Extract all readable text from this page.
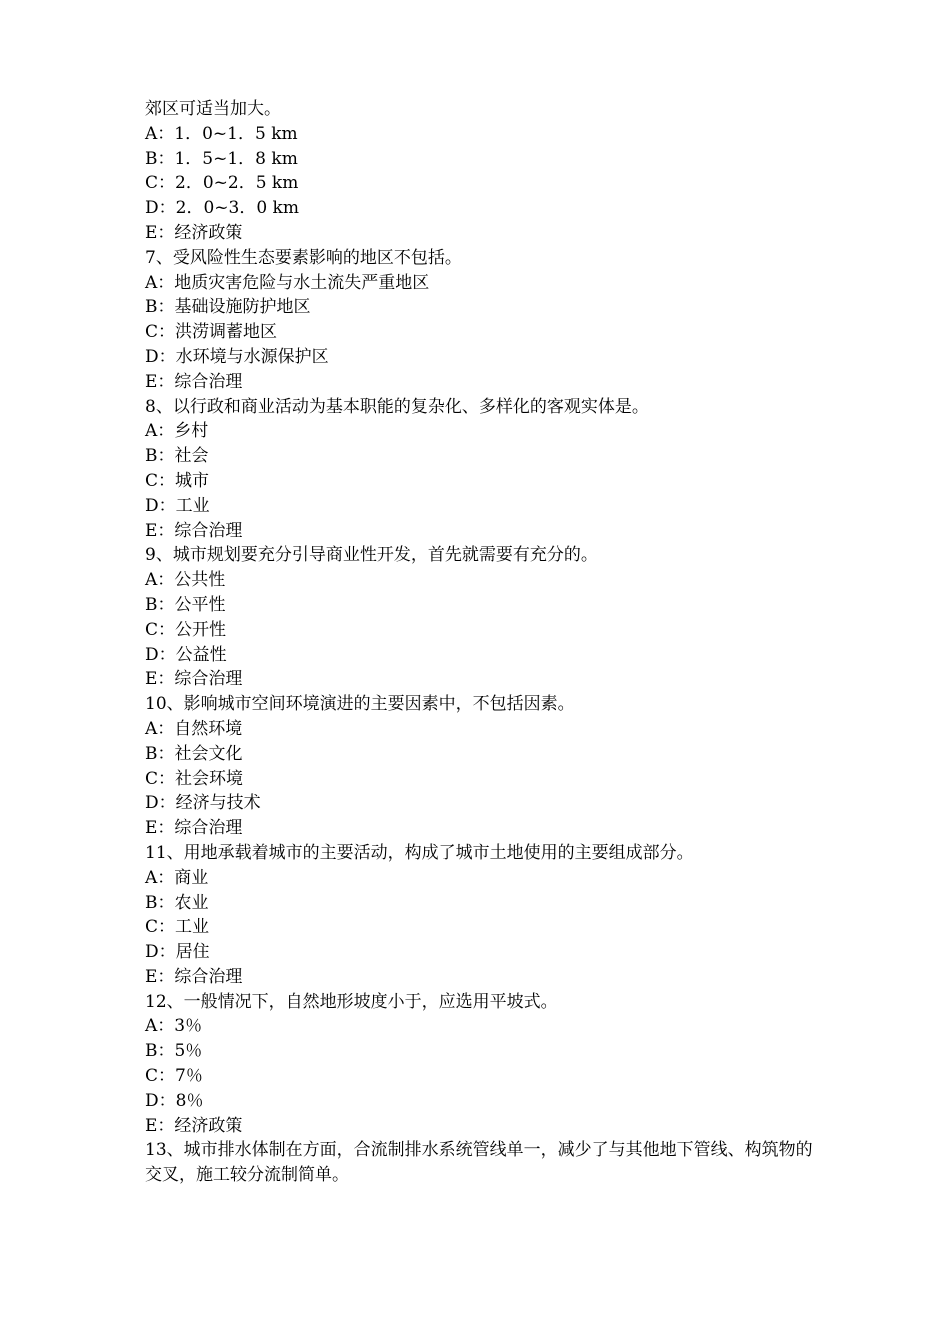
郊区可适当加大。
A：1．0~1．5 km
B：1．5~1．8 km
C：2．0~2．5 km
D：2．0~3．0 km
E：经济政策
7、受风险性生态要素影响的地区不包括。
A：地质灾害危险与水土流失严重地区
B：基础设施防护地区
C：洪涝调蓄地区
D：水环境与水源保护区
E：综合治理
8、以行政和商业活动为基本职能的复杂化、多样化的客观实体是。
A：乡村
B：社会
C：城市
D：工业
E：综合治理
9、城市规划要充分引导商业性开发，首先就需要有充分的。
A：公共性
B：公平性
C：公开性
D：公益性
E：综合治理
10、影响城市空间环境演进的主要因素中，不包括因素。
A：自然环境
B：社会文化
C：社会环境
D：经济与技术
E：综合治理
11、用地承载着城市的主要活动，构成了城市土地使用的主要组成部分。
A：商业
B：农业
C：工业
D：居住
E：综合治理
12、一般情况下，自然地形坡度小于，应选用平坡式。
A：3％
B：5％
C：7％
D：8％
E：经济政策
13、城市排水体制在方面，合流制排水系统管线单一，减少了与其他地下管线、构筑物的交叉，施工较分流制简单。
